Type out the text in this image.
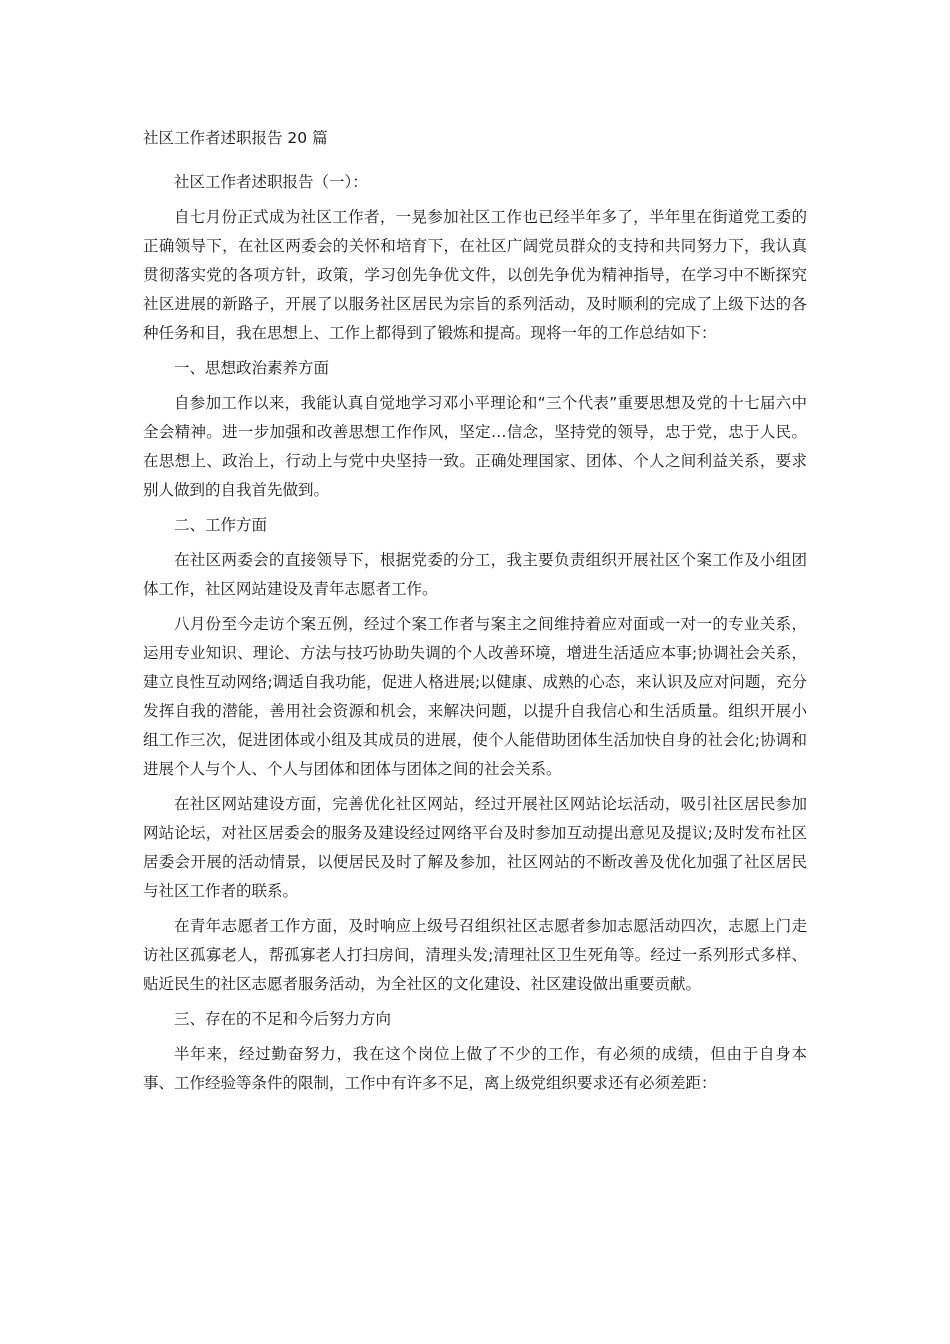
社区工作者述职报告 20 篇

社区工作者述职报告（一）：

自七月份正式成为社区工作者，一晃参加社区工作也已经半年多了，半年里在街道党工委的正确领导下，在社区两委会的关怀和培育下，在社区广阔党员群众的支持和共同努力下，我认真贯彻落实党的各项方针，政策，学习创先争优文件，以创先争优为精神指导，在学习中不断探究社区进展的新路子，开展了以服务社区居民为宗旨的系列活动，及时顺利的完成了上级下达的各种任务和目，我在思想上、工作上都得到了锻炼和提高。现将一年的工作总结如下：

一、思想政治素养方面

自参加工作以来，我能认真自觉地学习邓小平理论和“三个代表”重要思想及党的十七届六中全会精神。进一步加强和改善思想工作作风，坚定…信念，坚持党的领导，忠于党，忠于人民。在思想上、政治上，行动上与党中央坚持一致。正确处理国家、团体、个人之间利益关系，要求别人做到的自我首先做到。

二、工作方面

在社区两委会的直接领导下，根据党委的分工，我主要负责组织开展社区个案工作及小组团体工作，社区网站建设及青年志愿者工作。

八月份至今走访个案五例，经过个案工作者与案主之间维持着应对面或一对一的专业关系，运用专业知识、理论、方法与技巧协助失调的个人改善环境，增进生活适应本事;协调社会关系，建立良性互动网络;调适自我功能，促进人格进展;以健康、成熟的心态，来认识及应对问题，充分发挥自我的潜能，善用社会资源和机会，来解决问题，以提升自我信心和生活质量。组织开展小组工作三次，促进团体或小组及其成员的进展，使个人能借助团体生活加快自身的社会化;协调和进展个人与个人、个人与团体和团体与团体之间的社会关系。

在社区网站建设方面，完善优化社区网站，经过开展社区网站论坛活动，吸引社区居民参加网站论坛，对社区居委会的服务及建设经过网络平台及时参加互动提出意见及提议;及时发布社区居委会开展的活动情景，以便居民及时了解及参加，社区网站的不断改善及优化加强了社区居民与社区工作者的联系。

在青年志愿者工作方面，及时响应上级号召组织社区志愿者参加志愿活动四次，志愿上门走访社区孤寡老人，帮孤寡老人打扫房间，清理头发;清理社区卫生死角等。经过一系列形式多样、贴近民生的社区志愿者服务活动，为全社区的文化建设、社区建设做出重要贡献。

三、存在的不足和今后努力方向

半年来，经过勤奋努力，我在这个岗位上做了不少的工作，有必须的成绩，但由于自身本事、工作经验等条件的限制，工作中有许多不足，离上级党组织要求还有必须差距：
